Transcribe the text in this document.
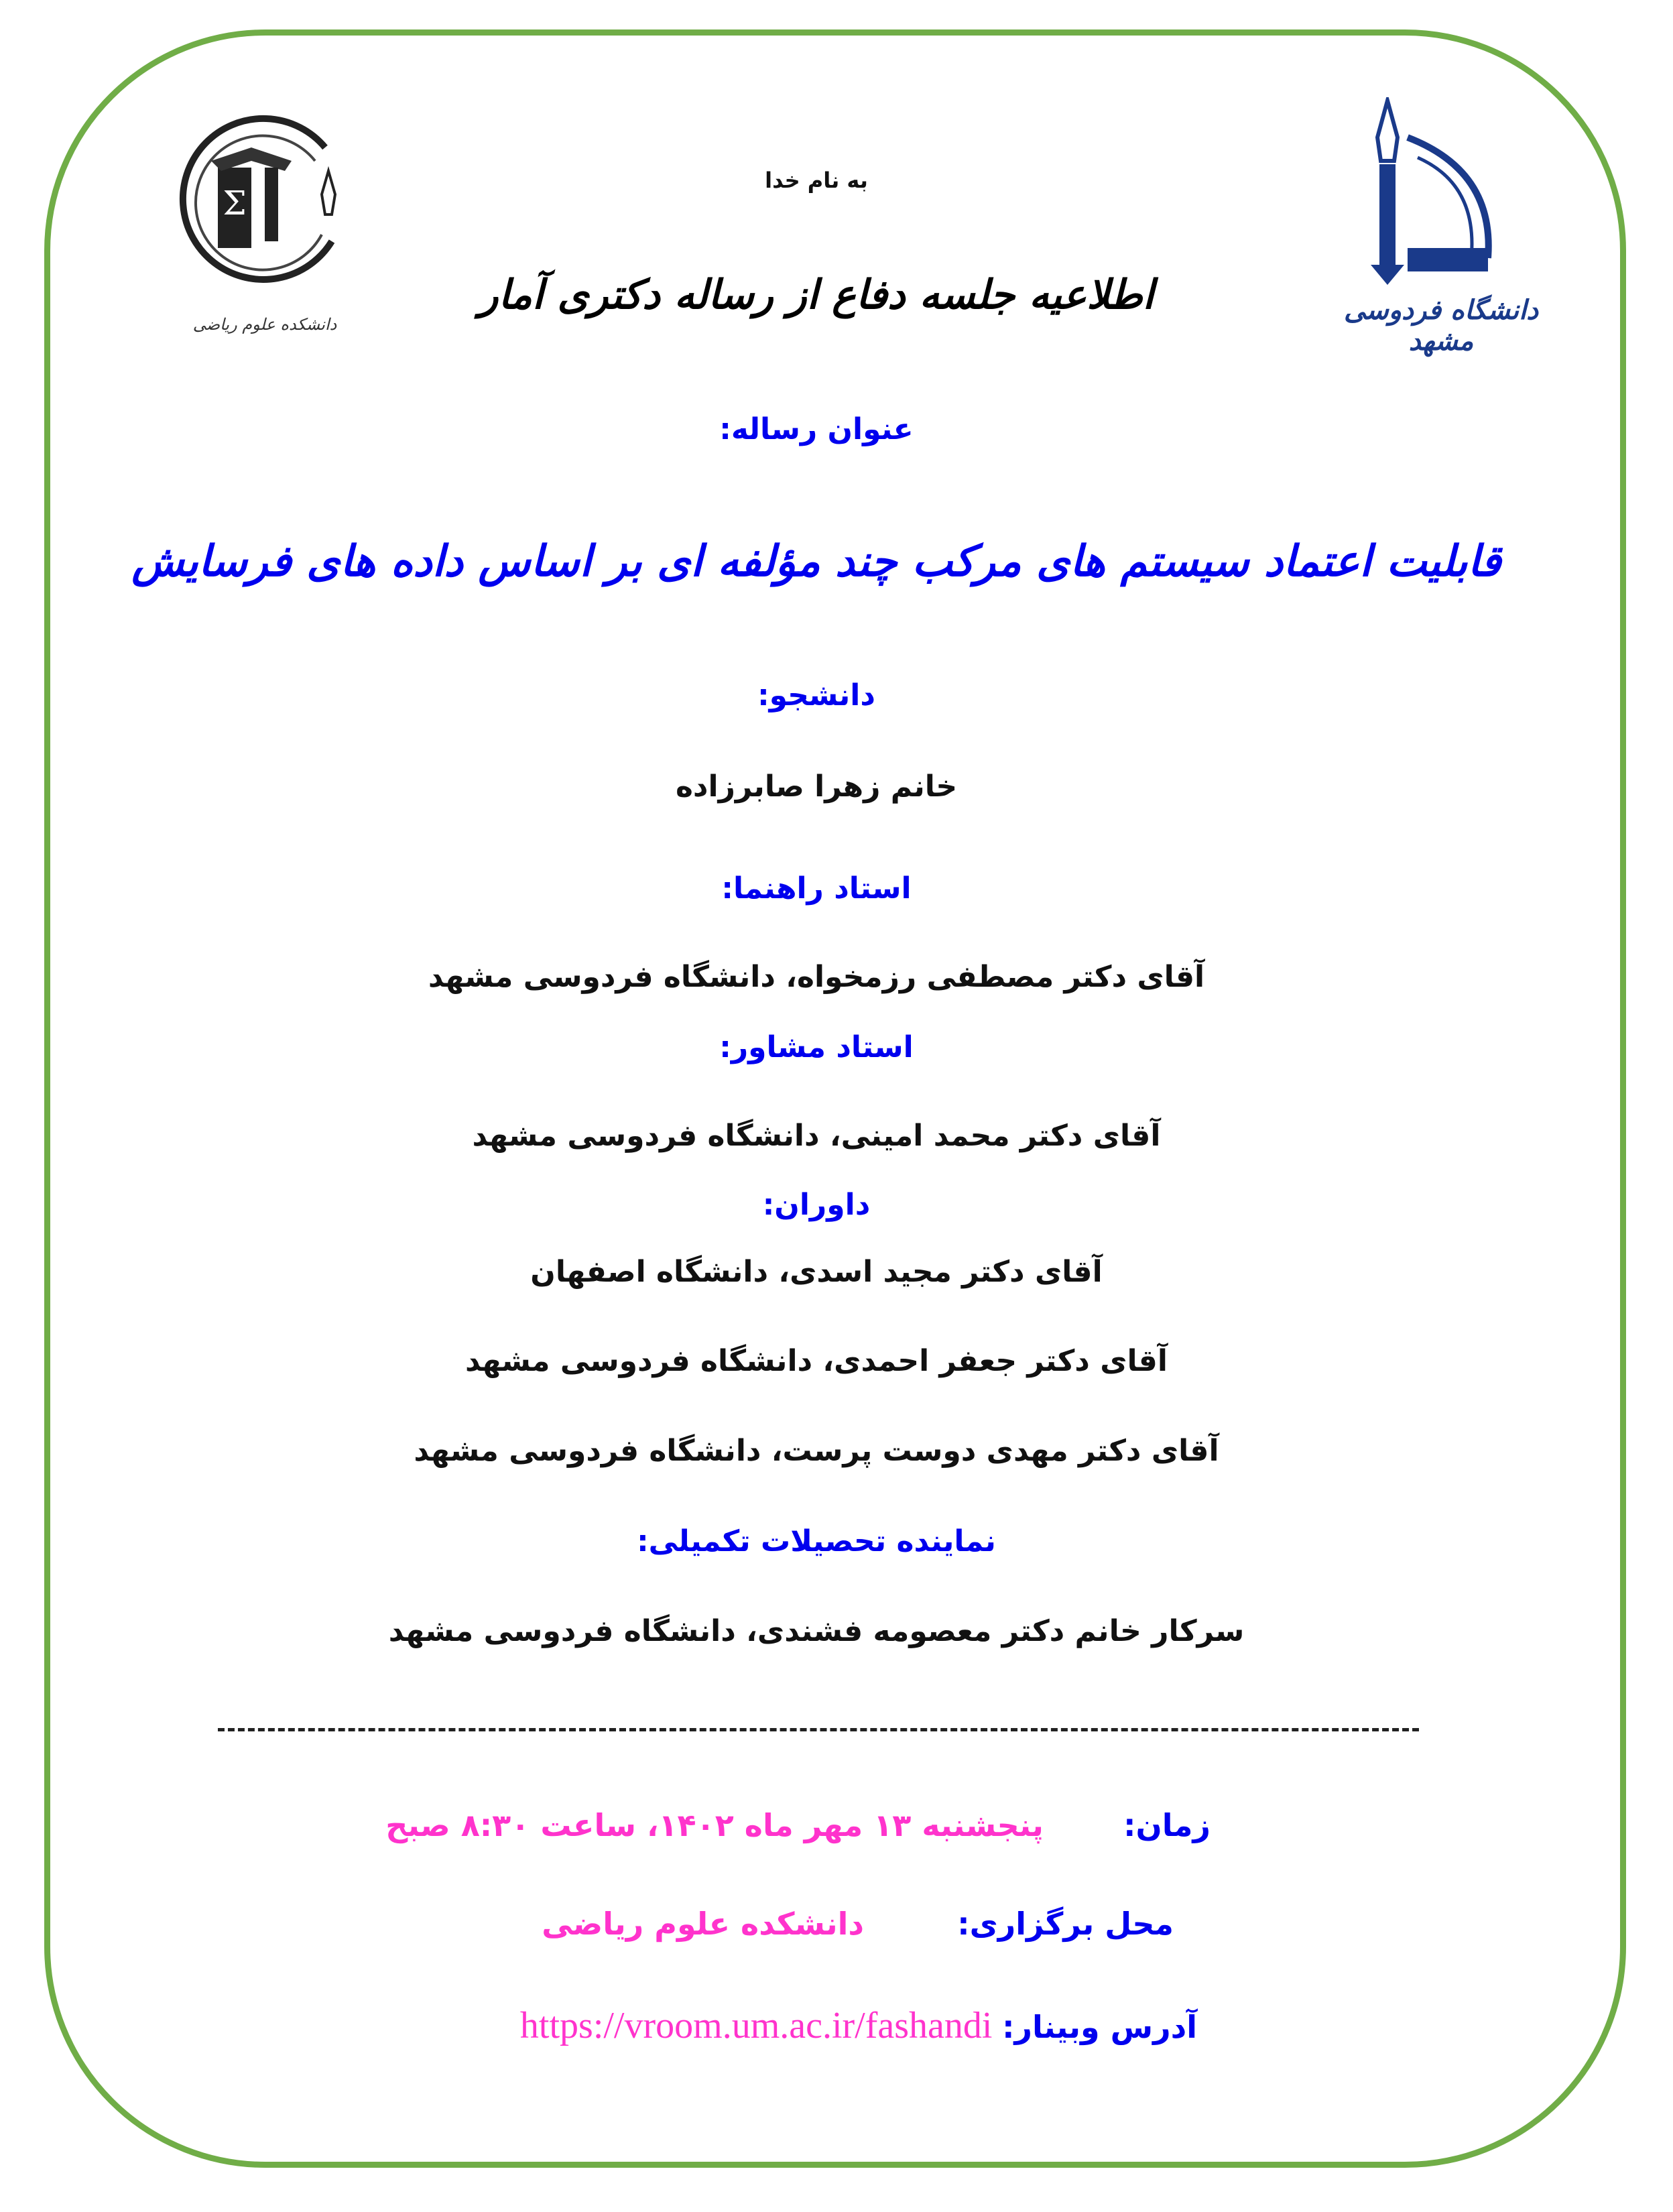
Σ
دانشکده علوم ریاضی	دانشگاه فردوسی مشهد
به نام خدا
اطلاعیه جلسه دفاع از رساله دکتری آمار
عنوان رساله:
قابلیت اعتماد سیستم های مرکب چند مؤلفه ای بر اساس داده های فرسایش
دانشجو:
خانم زهرا صابرزاده
استاد راهنما:
آقای دکتر مصطفی رزمخواه، دانشگاه فردوسی مشهد
استاد مشاور:
آقای دکتر محمد امینی، دانشگاه فردوسی مشهد
داوران:
آقای دکتر مجید اسدی، دانشگاه اصفهان
آقای دکتر جعفر احمدی، دانشگاه فردوسی مشهد
آقای دکتر مهدی دوست پرست، دانشگاه فردوسی مشهد
نماینده تحصیلات تکمیلی:
سرکار خانم دکتر معصومه فشندی، دانشگاه فردوسی مشهد
زمان:  پنجشنبه ۱۳ مهر ماه ۱۴۰۲، ساعت ۸:۳۰ صبح
محل برگزاری:  دانشکده علوم ریاضی
آدرس وبینار: https://vroom.um.ac.ir/fashandi
